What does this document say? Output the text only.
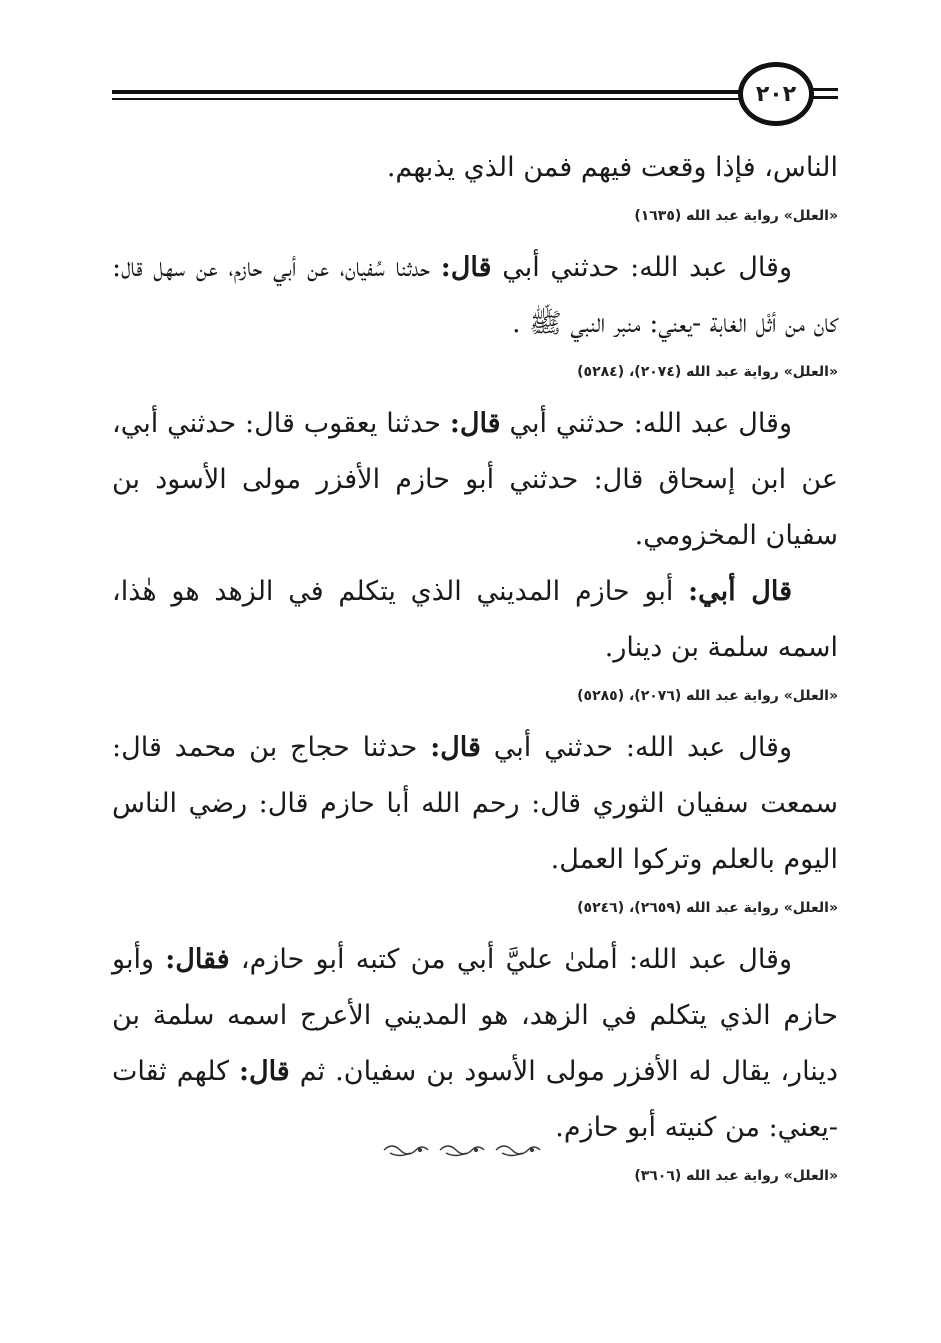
٢٠٢

الناس، فإذا وقعت فيهم فمن الذي يذبهم.

«العلل» رواية عبد الله (١٦٣٥)

وقال عبد الله: حدثني أبي قال: حدثنا سُفيان، عن أبي حازم، عن سهل قال: كان من أثْل الغابة -يعني: منبر النبي ﷺ .

«العلل» رواية عبد الله (٢٠٧٤)، (٥٢٨٤)

وقال عبد الله: حدثني أبي قال: حدثنا يعقوب قال: حدثني أبي، عن ابن إسحاق قال: حدثني أبو حازم الأفزر مولى الأسود بن سفيان المخزومي.

قال أبي: أبو حازم المديني الذي يتكلم في الزهد هو هٰذا، اسمه سلمة بن دينار.

«العلل» رواية عبد الله (٢٠٧٦)، (٥٢٨٥)

وقال عبد الله: حدثني أبي قال: حدثنا حجاج بن محمد قال: سمعت سفيان الثوري قال: رحم الله أبا حازم قال: رضي الناس اليوم بالعلم وتركوا العمل.

«العلل» رواية عبد الله (٢٦٥٩)، (٥٢٤٦)

وقال عبد الله: أملىٰ عليَّ أبي من كتبه أبو حازم، فقال: وأبو حازم الذي يتكلم في الزهد، هو المديني الأعرج اسمه سلمة بن دينار، يقال له الأفزر مولى الأسود بن سفيان. ثم قال: كلهم ثقات -يعني: من كنيته أبو حازم.

«العلل» رواية عبد الله (٣٦٠٦)
